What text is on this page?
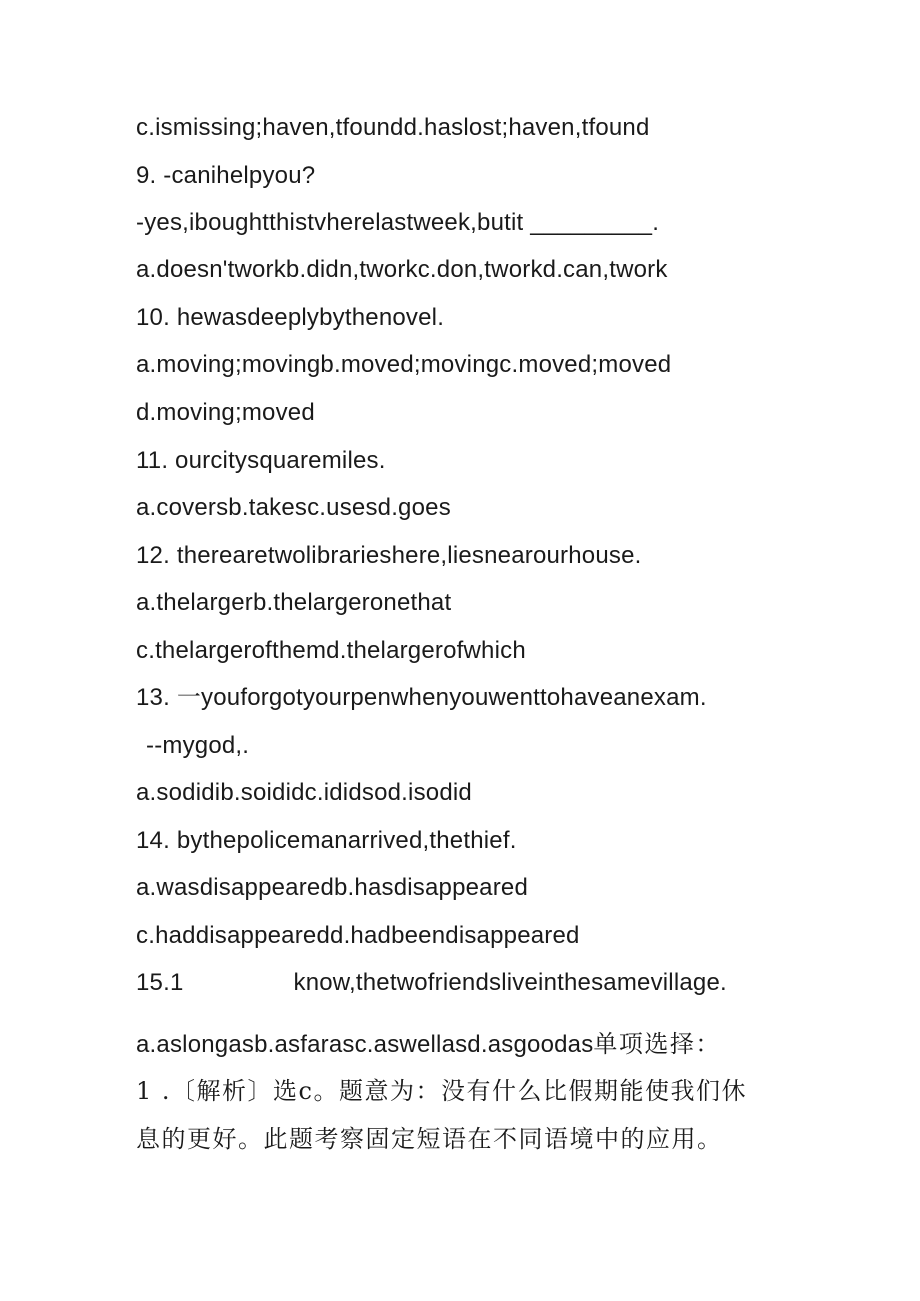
c.ismissing;haven,tfoundd.haslost;haven,tfound
9. -canihelpyou?
-yes,iboughtthistvherelastweek,butit _________.
a.doesn'tworkb.didn,tworkc.don,tworkd.can,twork
10. hewasdeeplybythenovel.
a.moving;movingb.moved;movingc.moved;moved
d.moving;moved
11. ourcitysquaremiles.
a.coversb.takesc.usesd.goes
12. therearetwolibrarieshere,liesnearourhouse.
a.thelargerb.thelargeronethat
c.thelargerofthemd.thelargerofwhich
13. 一youforgotyourpenwhenyouwenttohaveanexam.
--mygod,.
a.sodidib.soididc.ididsod.isodid
14. bythepolicemanarrived,thethief.
a.wasdisappearedb.hasdisappeared
c.haddisappearedd.hadbeendisappeared
15.1	know,thetwofriendsliveinthesamevillage.
a.aslongasb.asfarasc.aswellasd.asgoodas单项选择：
1 .〔解析〕选c。题意为：没有什么比假期能使我们休
息的更好。此题考察固定短语在不同语境中的应用。
